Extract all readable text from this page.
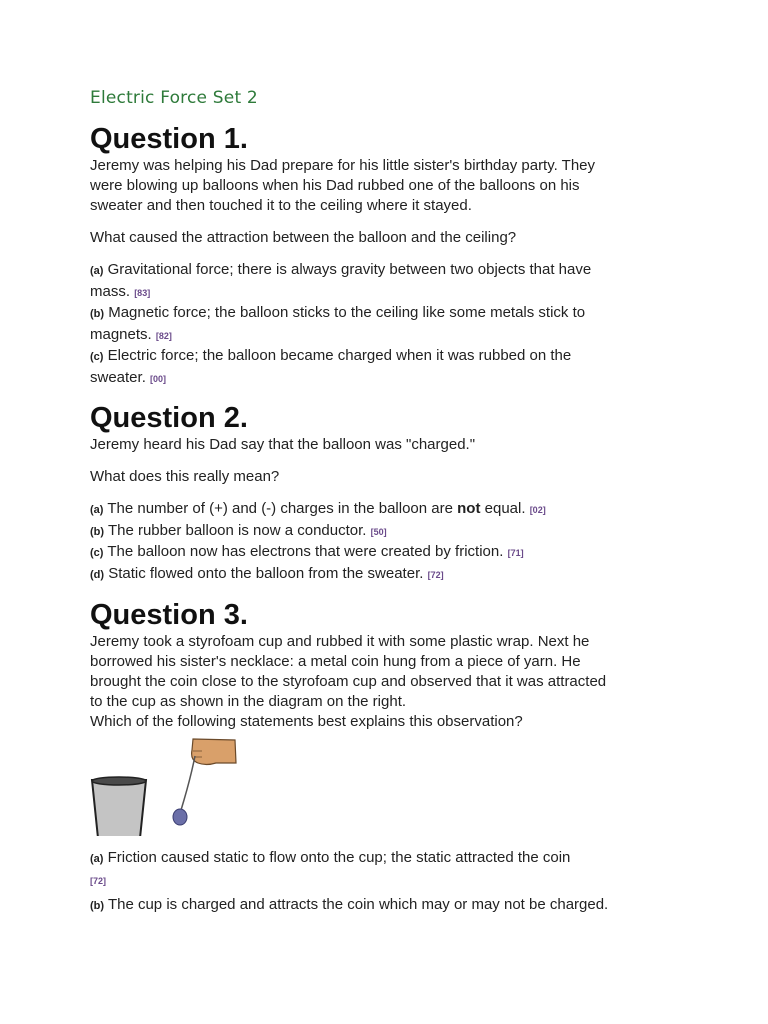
Electric Force Set 2
Question 1.

Jeremy was helping his Dad prepare for his little sister's birthday party. They
were blowing up balloons when his Dad rubbed one of the balloons on his
sweater and then touched it to the ceiling where it stayed.

What caused the attraction between the balloon and the ceiling?

(a) Gravitational force; there is always gravity between two objects that have
mass. [83]

(b) Magnetic force; the balloon sticks to the ceiling like some metals stick to
magnets. [82]

(c) Electric force; the balloon became charged when it was rubbed on the
sweater. [00]

Question 2.

Jeremy heard his Dad say that the balloon was "charged."

What does this really mean?

(a) The number of (+) and (-) charges in the balloon are not equal. [02]

(b) The rubber balloon is now a conductor. [50]

(c) The balloon now has electrons that were created by friction. [71]

(d) Static flowed onto the balloon from the sweater. [72]

Question 3.

Jeremy took a styrofoam cup and rubbed it with some plastic wrap. Next he
borrowed his sister's necklace: a metal coin hung from a piece of yarn. He
brought the coin close to the styrofoam cup and observed that it was attracted
to the cup as shown in the diagram on the right.
Which of the following statements best explains this observation?

(a) Friction caused static to flow onto the cup; the static attracted the coin
[72]

(b) The cup is charged and attracts the coin which may or may not be charged.
